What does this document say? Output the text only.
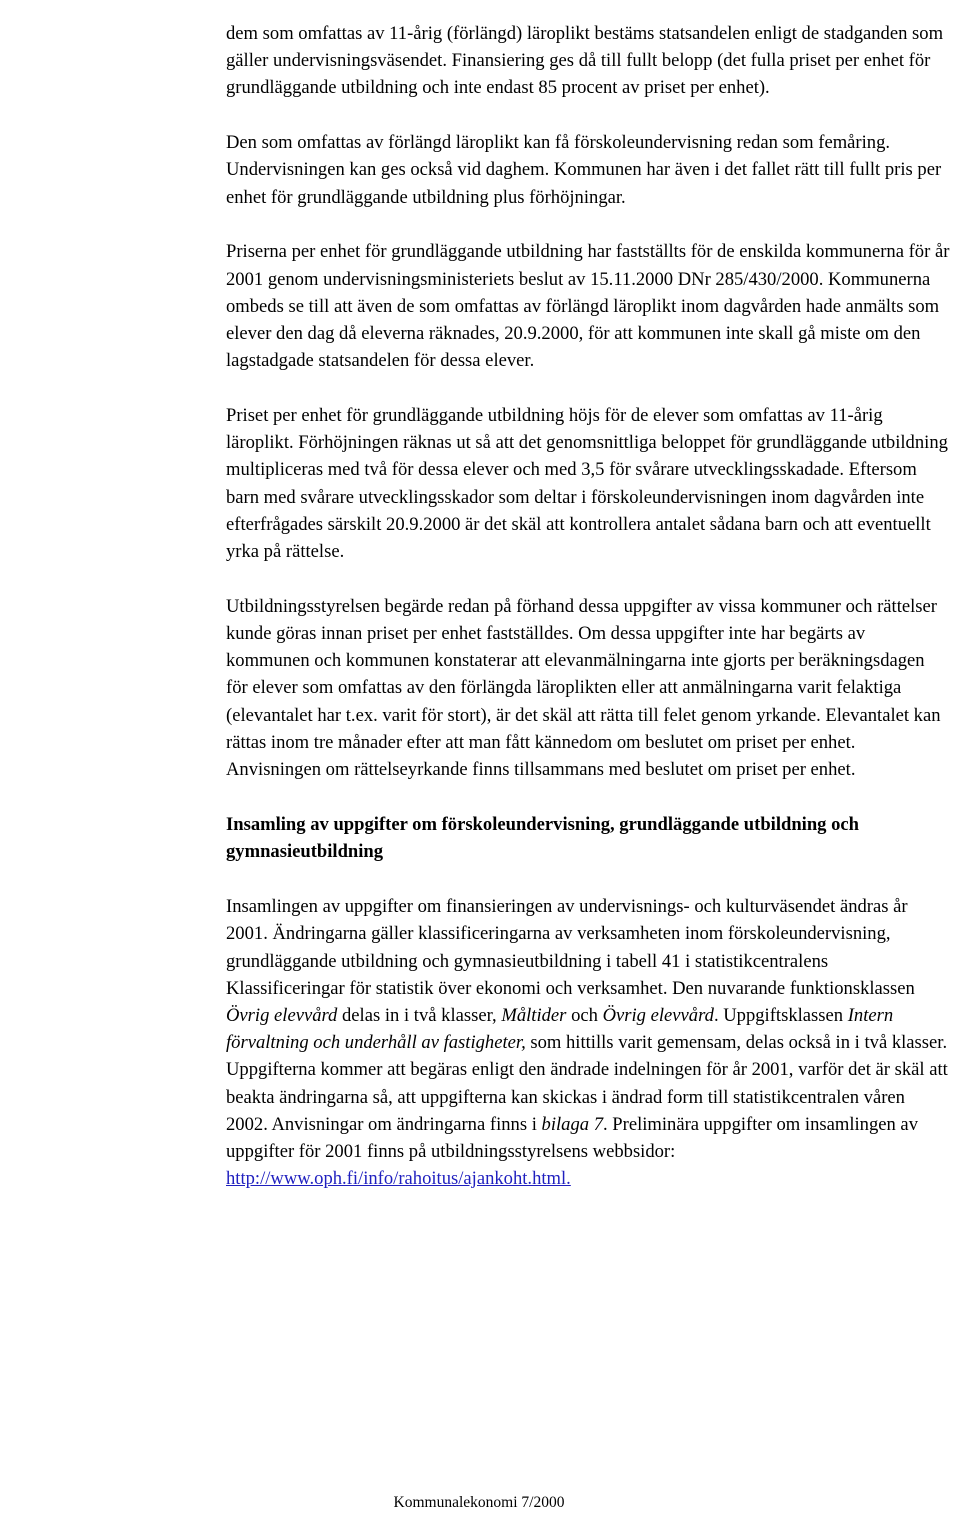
dem som omfattas av 11-årig (förlängd) läroplikt bestäms statsandelen enligt de stadganden som gäller undervisningsväsendet. Finansiering ges då till fullt belopp (det fulla priset per enhet för grundläggande utbildning och inte endast 85 procent av priset per enhet).

Den som omfattas av förlängd läroplikt kan få förskoleundervisning redan som femåring. Undervisningen kan ges också vid daghem. Kommunen har även i det fallet rätt till fullt pris per enhet för grundläggande utbildning plus förhöjningar.

Priserna per enhet för grundläggande utbildning har fastställts för de enskilda kommunerna för år 2001 genom undervisningsministeriets beslut av 15.11.2000 DNr 285/430/2000. Kommunerna ombeds se till att även de som omfattas av förlängd läroplikt inom dagvården hade anmälts som elever den dag då eleverna räknades, 20.9.2000, för att kommunen inte skall gå miste om den lagstadgade statsandelen för dessa elever.

Priset per enhet för grundläggande utbildning höjs för de elever som omfattas av 11-årig läroplikt. Förhöjningen räknas ut så att det genomsnittliga beloppet för grundläggande utbildning multipliceras med två för dessa elever och med 3,5 för svårare utvecklingsskadade. Eftersom barn med svårare utvecklingsskador som deltar i förskoleundervisningen inom dagvården inte efterfrågades särskilt 20.9.2000 är det skäl att kontrollera antalet sådana barn och att eventuellt yrka på rättelse.

Utbildningsstyrelsen begärde redan på förhand dessa uppgifter av vissa kommuner och rättelser kunde göras innan priset per enhet fastställdes. Om dessa uppgifter inte har begärts av kommunen och kommunen konstaterar att elevanmälningarna inte gjorts per beräkningsdagen för elever som omfattas av den förlängda läroplikten eller att anmälningarna varit felaktiga (elevantalet har t.ex. varit för stort), är det skäl att rätta till felet genom yrkande. Elevantalet kan rättas inom tre månader efter att man fått kännedom om beslutet om priset per enhet. Anvisningen om rättelseyrkande finns tillsammans med beslutet om priset per enhet.

Insamling av uppgifter om förskoleundervisning, grundläggande utbildning och gymnasieutbildning

Insamlingen av uppgifter om finansieringen av undervisnings- och kulturväsendet ändras år 2001. Ändringarna gäller klassificeringarna av verksamheten inom förskoleundervisning, grundläggande utbildning och gymnasieutbildning i tabell 41 i statistikcentralens Klassificeringar för statistik över ekonomi och verksamhet. Den nuvarande funktionsklassen Övrig elevvård delas in i två klasser, Måltider och Övrig elevvård. Uppgiftsklassen Intern förvaltning och underhåll av fastigheter, som hittills varit gemensam, delas också in i två klasser. Uppgifterna kommer att begäras enligt den ändrade indelningen för år 2001, varför det är skäl att beakta ändringarna så, att uppgifterna kan skickas i ändrad form till statistikcentralen våren 2002. Anvisningar om ändringarna finns i bilaga 7. Preliminära uppgifter om insamlingen av uppgifter för 2001 finns på utbildningsstyrelsens webbsidor:
http://www.oph.fi/info/rahoitus/ajankoht.html.

Kommunalekonomi 7/2000
